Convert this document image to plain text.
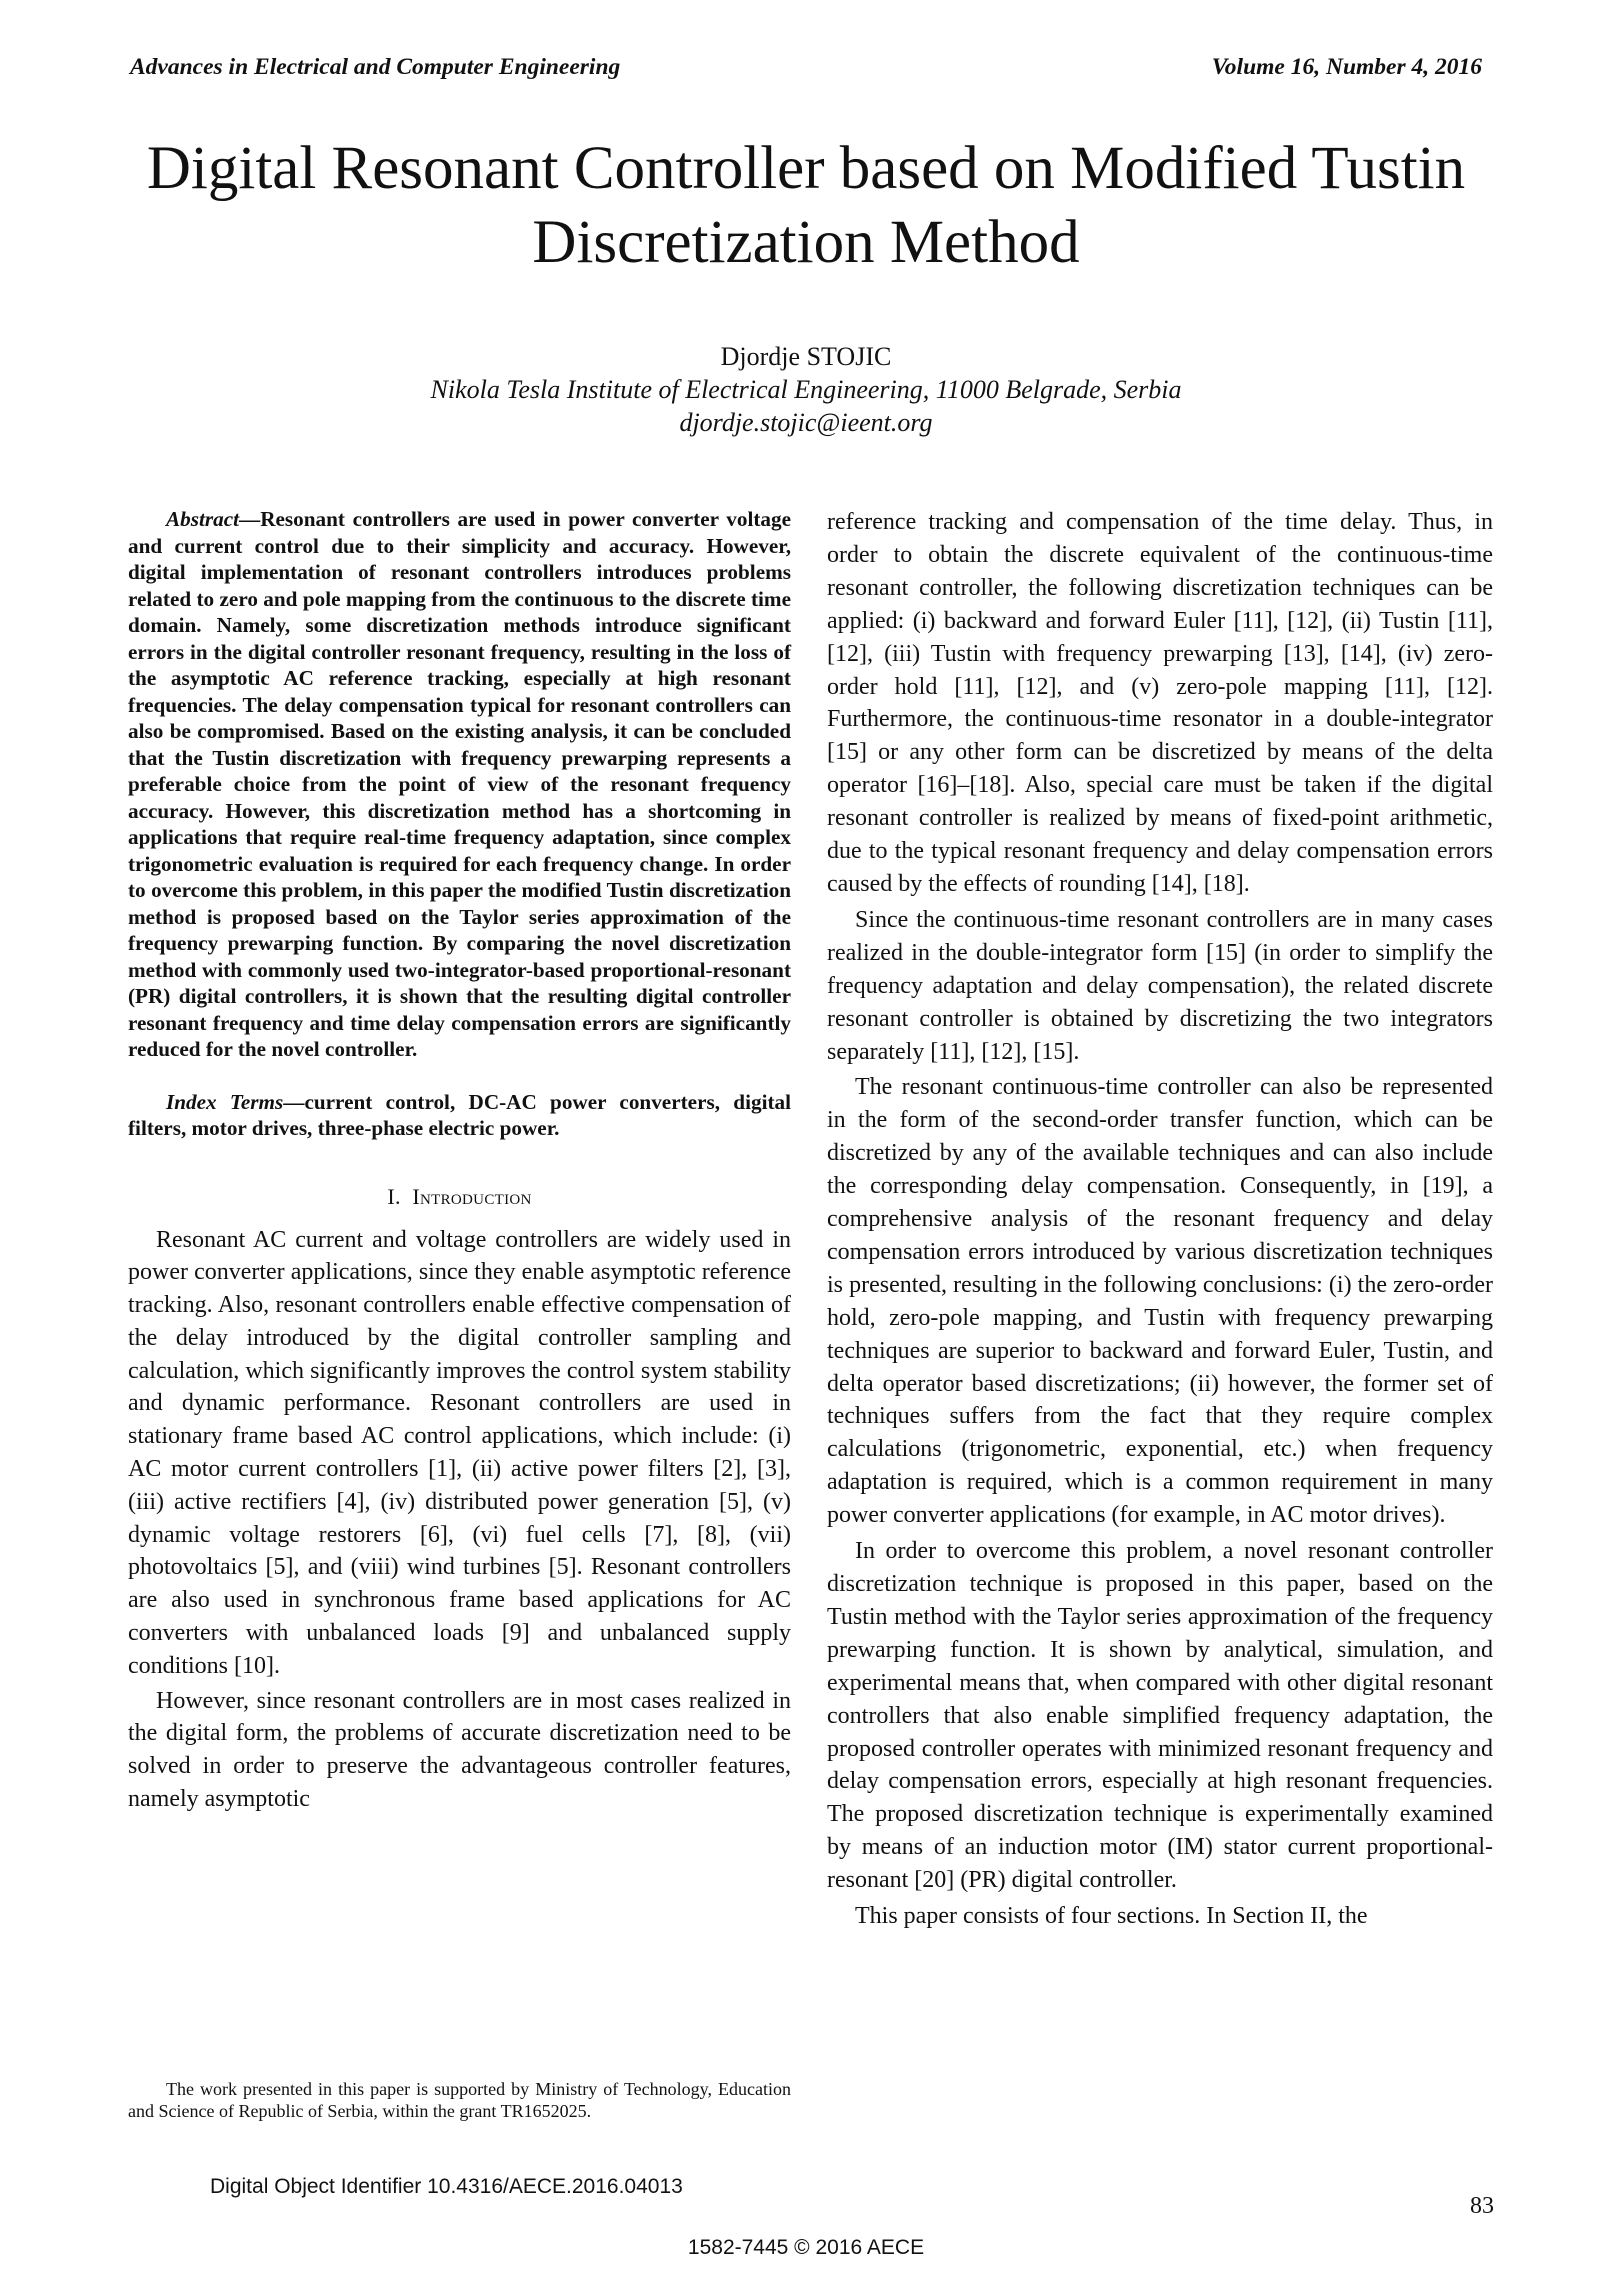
Advances in Electrical and Computer Engineering	Volume 16, Number 4, 2016
Digital Resonant Controller based on Modified Tustin Discretization Method
Djordje STOJIC
Nikola Tesla Institute of Electrical Engineering, 11000 Belgrade, Serbia
djordje.stojic@ieent.org

Abstract—Resonant controllers are used in power converter voltage and current control due to their simplicity and accuracy. However, digital implementation of resonant controllers introduces problems related to zero and pole mapping from the continuous to the discrete time domain. Namely, some discretization methods introduce significant errors in the digital controller resonant frequency, resulting in the loss of the asymptotic AC reference tracking, especially at high resonant frequencies. The delay compensation typical for resonant controllers can also be compromised. Based on the existing analysis, it can be concluded that the Tustin discretization with frequency prewarping represents a preferable choice from the point of view of the resonant frequency accuracy. However, this discretization method has a shortcoming in applications that require real-time frequency adaptation, since complex trigonometric evaluation is required for each frequency change. In order to overcome this problem, in this paper the modified Tustin discretization method is proposed based on the Taylor series approximation of the frequency prewarping function. By comparing the novel discretization method with commonly used two-integrator-based proportional-resonant (PR) digital controllers, it is shown that the resulting digital controller resonant frequency and time delay compensation errors are significantly reduced for the novel controller.

Index Terms—current control, DC-AC power converters, digital filters, motor drives, three-phase electric power.

I. Introduction

Resonant AC current and voltage controllers are widely used in power converter applications, since they enable asymptotic reference tracking. Also, resonant controllers enable effective compensation of the delay introduced by the digital controller sampling and calculation, which significantly improves the control system stability and dynamic performance. Resonant controllers are used in stationary frame based AC control applications, which include: (i) AC motor current controllers [1], (ii) active power filters [2], [3], (iii) active rectifiers [4], (iv) distributed power generation [5], (v) dynamic voltage restorers [6], (vi) fuel cells [7], [8], (vii) photovoltaics [5], and (viii) wind turbines [5]. Resonant controllers are also used in synchronous frame based applications for AC converters with unbalanced loads [9] and unbalanced supply conditions [10].

However, since resonant controllers are in most cases realized in the digital form, the problems of accurate discretization need to be solved in order to preserve the advantageous controller features, namely asymptotic

reference tracking and compensation of the time delay. Thus, in order to obtain the discrete equivalent of the continuous-time resonant controller, the following discretization techniques can be applied: (i) backward and forward Euler [11], [12], (ii) Tustin [11], [12], (iii) Tustin with frequency prewarping [13], [14], (iv) zero-order hold [11], [12], and (v) zero-pole mapping [11], [12]. Furthermore, the continuous-time resonator in a double-integrator [15] or any other form can be discretized by means of the delta operator [16]–[18]. Also, special care must be taken if the digital resonant controller is realized by means of fixed-point arithmetic, due to the typical resonant frequency and delay compensation errors caused by the effects of rounding [14], [18].

Since the continuous-time resonant controllers are in many cases realized in the double-integrator form [15] (in order to simplify the frequency adaptation and delay compensation), the related discrete resonant controller is obtained by discretizing the two integrators separately [11], [12], [15].

The resonant continuous-time controller can also be represented in the form of the second-order transfer function, which can be discretized by any of the available techniques and can also include the corresponding delay compensation. Consequently, in [19], a comprehensive analysis of the resonant frequency and delay compensation errors introduced by various discretization techniques is presented, resulting in the following conclusions: (i) the zero-order hold, zero-pole mapping, and Tustin with frequency prewarping techniques are superior to backward and forward Euler, Tustin, and delta operator based discretizations; (ii) however, the former set of techniques suffers from the fact that they require complex calculations (trigonometric, exponential, etc.) when frequency adaptation is required, which is a common requirement in many power converter applications (for example, in AC motor drives).

In order to overcome this problem, a novel resonant controller discretization technique is proposed in this paper, based on the Tustin method with the Taylor series approximation of the frequency prewarping function. It is shown by analytical, simulation, and experimental means that, when compared with other digital resonant controllers that also enable simplified frequency adaptation, the proposed controller operates with minimized resonant frequency and delay compensation errors, especially at high resonant frequencies. The proposed discretization technique is experimentally examined by means of an induction motor (IM) stator current proportional-resonant [20] (PR) digital controller.

This paper consists of four sections. In Section II, the

The work presented in this paper is supported by Ministry of Technology, Education and Science of Republic of Serbia, within the grant TR1652025.
Digital Object Identifier 10.4316/AECE.2016.04013
83
1582-7445 © 2016 AECE
